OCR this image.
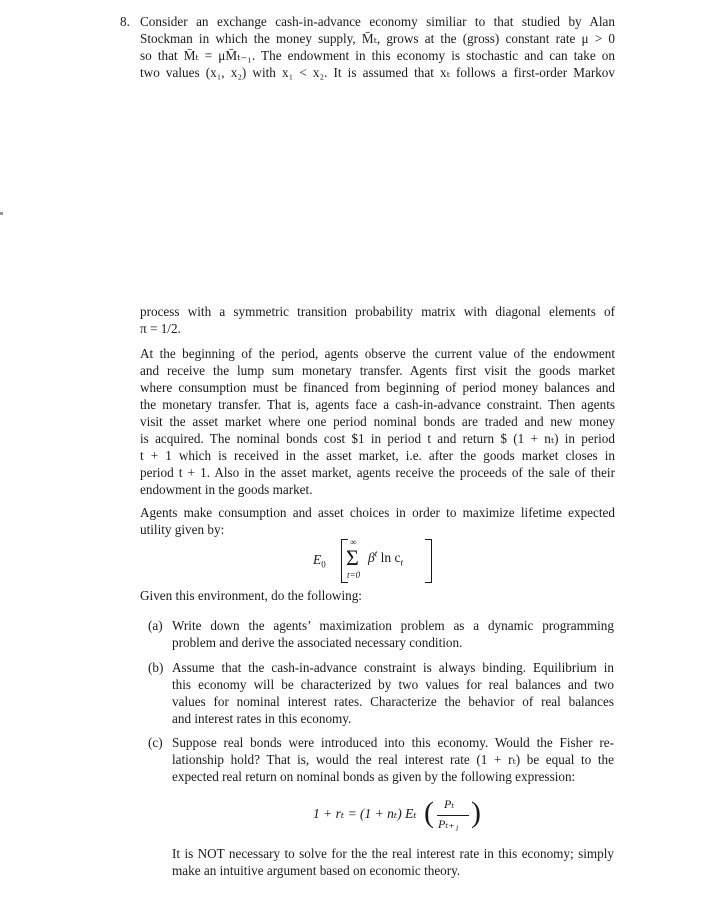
8. Consider an exchange cash-in-advance economy similiar to that studied by Alan
Stockman in which the money supply, M̄ₜ, grows at the (gross) constant rate μ > 0
so that M̄ₜ = μM̄ₜ₋₁. The endowment in this economy is stochastic and can take on
two values (x₁, x₂) with x₁ < x₂. It is assumed that xₜ follows a first-order Markov
process with a symmetric transition probability matrix with diagonal elements of
π = 1/2.
At the beginning of the period, agents observe the current value of the endowment
and receive the lump sum monetary transfer. Agents first visit the goods market
where consumption must be financed from beginning of period money balances and
the monetary transfer. That is, agents face a cash-in-advance constraint. Then agents
visit the asset market where one period nominal bonds are traded and new money
is acquired. The nominal bonds cost $1 in period t and return $ (1 + nₜ) in period
t + 1 which is received in the asset market, i.e. after the goods market closes in
period t + 1. Also in the asset market, agents receive the proceeds of the sale of their
endowment in the goods market.
Agents make consumption and asset choices in order to maximize lifetime expected
utility given by:
$E_0$
∞
Σ
t=0
$\beta^t$ $\ln c_t$
Given this environment, do the following:
(a) Write down the agents’ maximization problem as a dynamic programming
problem and derive the associated necessary condition.
(b) Assume that the cash-in-advance constraint is always binding. Equilibrium in
this economy will be characterized by two values for real balances and two
values for nominal interest rates. Characterize the behavior of real balances
and interest rates in this economy.
(c) Suppose real bonds were introduced into this economy. Would the Fisher re-
lationship hold? That is, would the real interest rate (1 + rₜ) be equal to the
expected real return on nominal bonds as given by the following expression:
1 + rₜ = (1 + nₜ) Eₜ ( Pₜ
Pₜ₊₁ )
It is NOT necessary to solve for the the real interest rate in this economy; simply
make an intuitive argument based on economic theory.
